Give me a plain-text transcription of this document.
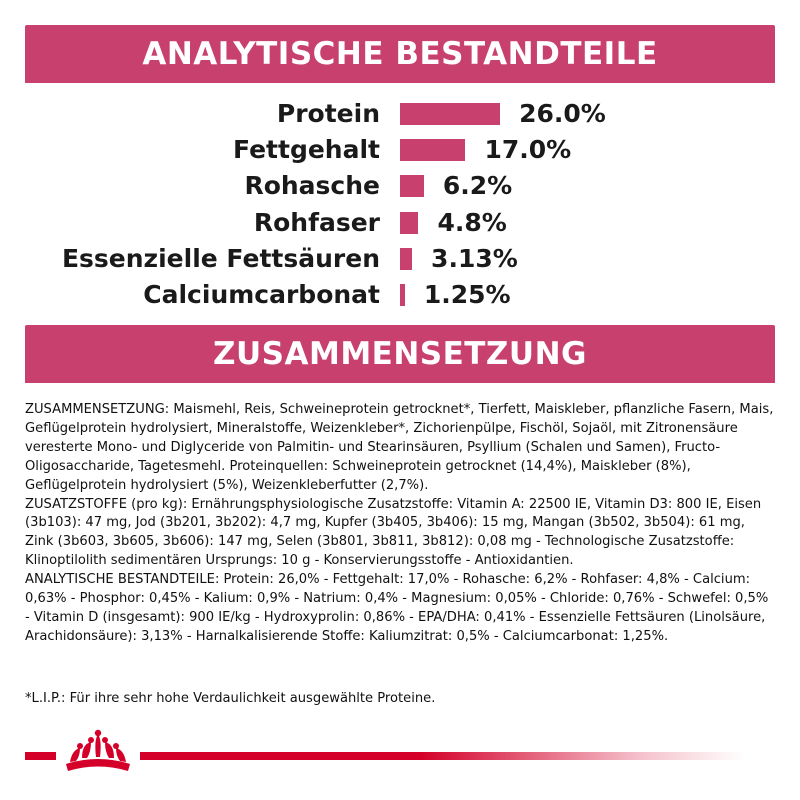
ANALYTISCHE BESTANDTEILE
Protein	26.0%
Fettgehalt	17.0%
Rohasche	6.2%
Rohfaser 4.8%
Essenzielle Fettsäuren 3.13%
Calciumcarbonat 1.25%
ZUSAMMENSETZUNG

ZUSAMMENSETZUNG: Maismehl, Reis, Schweineprotein getrocknet*, Tierfett, Maiskleber, pflanzliche Fasern, Mais, Geflügelprotein hydrolysiert, Mineralstoffe, Weizenkleber*, Zichorienpülpe, Fischöl, Sojaöl, mit Zitronensäure veresterte Mono- und Diglyceride von Palmitin- und Stearinsäuren, Psyllium (Schalen und Samen), Fructo-Oligosaccharide, Tagetesmehl. Proteinquellen: Schweineprotein getrocknet (14,4%), Maiskleber (8%), Geflügelprotein hydrolysiert (5%), Weizenkleberfutter (2,7%).

ZUSATZSTOFFE (pro kg): Ernährungsphysiologische Zusatzstoffe: Vitamin A: 22500 IE, Vitamin D3: 800 IE, Eisen (3b103): 47 mg, Jod (3b201, 3b202): 4,7 mg, Kupfer (3b405, 3b406): 15 mg, Mangan (3b502, 3b504): 61 mg, Zink (3b603, 3b605, 3b606): 147 mg, Selen (3b801, 3b811, 3b812): 0,08 mg - Technologische Zusatzstoffe: Klinoptilolith sedimentären Ursprungs: 10 g - Konservierungsstoffe - Antioxidantien.

ANALYTISCHE BESTANDTEILE: Protein: 26,0% - Fettgehalt: 17,0% - Rohasche: 6,2% - Rohfaser: 4,8% - Calcium: 0,63% - Phosphor: 0,45% - Kalium: 0,9% - Natrium: 0,4% - Magnesium: 0,05% - Chloride: 0,76% - Schwefel: 0,5% - Vitamin D (insgesamt): 900 IE/kg - Hydroxyprolin: 0,86% - EPA/DHA: 0,41% - Essenzielle Fettsäuren (Linolsäure, Arachidonsäure): 3,13% - Harnalkalisierende Stoffe: Kaliumzitrat: 0,5% - Calciumcarbonat: 1,25%.

*L.I.P.: Für ihre sehr hohe Verdaulichkeit ausgewählte Proteine.
